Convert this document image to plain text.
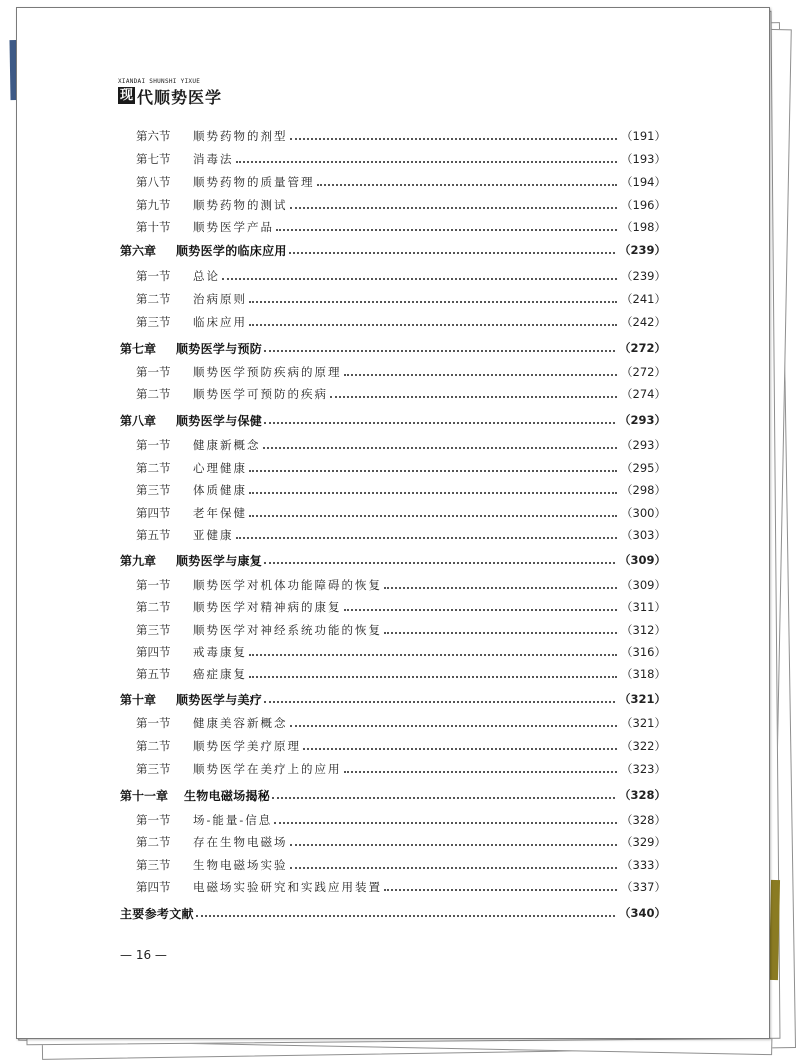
XIANDAI SHUNSHI YIXUE
现 代顺势医学
第六节	顺势药物的剂型	（191）
第七节	消毒法	（193）
第八节	顺势药物的质量管理	（194）
第九节	顺势药物的测试	（196）
第十节	顺势医学产品	（198）
第六章	顺势医学的临床应用	（239）
第一节	总论	（239）
第二节	治病原则	（241）
第三节	临床应用	（242）
第七章	顺势医学与预防	（272）
第一节	顺势医学预防疾病的原理	（272）
第二节	顺势医学可预防的疾病	（274）
第八章	顺势医学与保健	（293）
第一节	健康新概念	（293）
第二节	心理健康	（295）
第三节	体质健康	（298）
第四节	老年保健	（300）
第五节	亚健康	（303）
第九章	顺势医学与康复	（309）
第一节	顺势医学对机体功能障碍的恢复	（309）
第二节	顺势医学对精神病的康复	（311）
第三节	顺势医学对神经系统功能的恢复	（312）
第四节	戒毒康复	（316）
第五节	癌症康复	（318）
第十章	顺势医学与美疗	（321）
第一节	健康美容新概念	（321）
第二节	顺势医学美疗原理	（322）
第三节	顺势医学在美疗上的应用	（323）
第十一章	生物电磁场揭秘	（328）
第一节	场-能量-信息	（328）
第二节	存在生物电磁场	（329）
第三节	生物电磁场实验	（333）
第四节	电磁场实验研究和实践应用装置	（337）
主要参考文献	（340）
— 16 —
